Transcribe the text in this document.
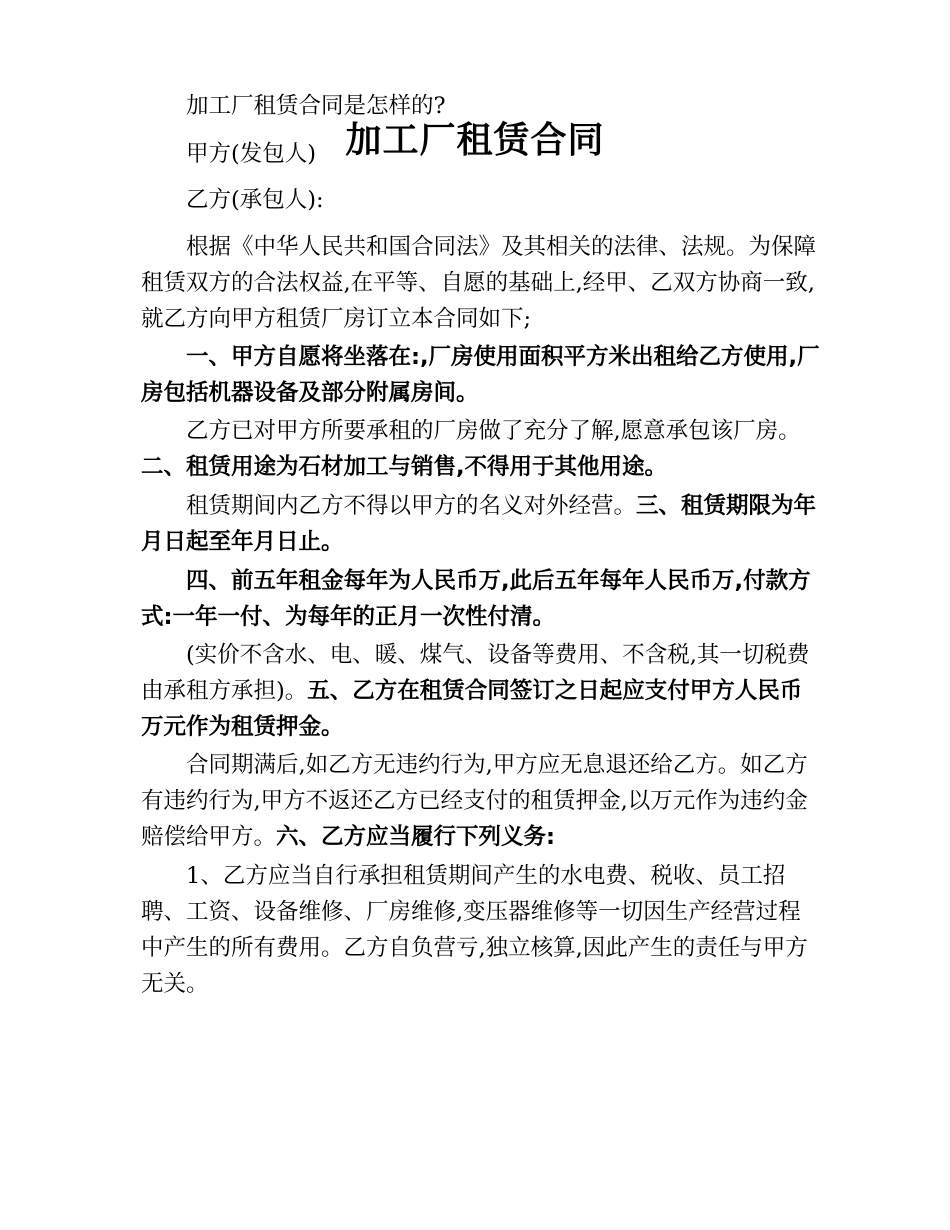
加工厂租赁合同

加工厂租赁合同是怎样的?

甲方(发包人)

乙方(承包人):

根据《中华人民共和国合同法》及其相关的法律、法规。为保障租赁双方的合法权益,在平等、自愿的基础上,经甲、乙双方协商一致,就乙方向甲方租赁厂房订立本合同如下;

一、甲方自愿将坐落在:,厂房使用面积平方米出租给乙方使用,厂房包括机器设备及部分附属房间。

乙方已对甲方所要承租的厂房做了充分了解,愿意承包该厂房。二、租赁用途为石材加工与销售,不得用于其他用途。

租赁期间内乙方不得以甲方的名义对外经营。三、租赁期限为年月日起至年月日止。

四、前五年租金每年为人民币万,此后五年每年人民币万,付款方式:一年一付、为每年的正月一次性付清。

(实价不含水、电、暖、煤气、设备等费用、不含税,其一切税费由承租方承担)。五、乙方在租赁合同签订之日起应支付甲方人民币万元作为租赁押金。

合同期满后,如乙方无违约行为,甲方应无息退还给乙方。如乙方有违约行为,甲方不返还乙方已经支付的租赁押金,以万元作为违约金赔偿给甲方。六、乙方应当履行下列义务:

1、乙方应当自行承担租赁期间产生的水电费、税收、员工招聘、工资、设备维修、厂房维修,变压器维修等一切因生产经营过程中产生的所有费用。乙方自负营亏,独立核算,因此产生的责任与甲方无关。
